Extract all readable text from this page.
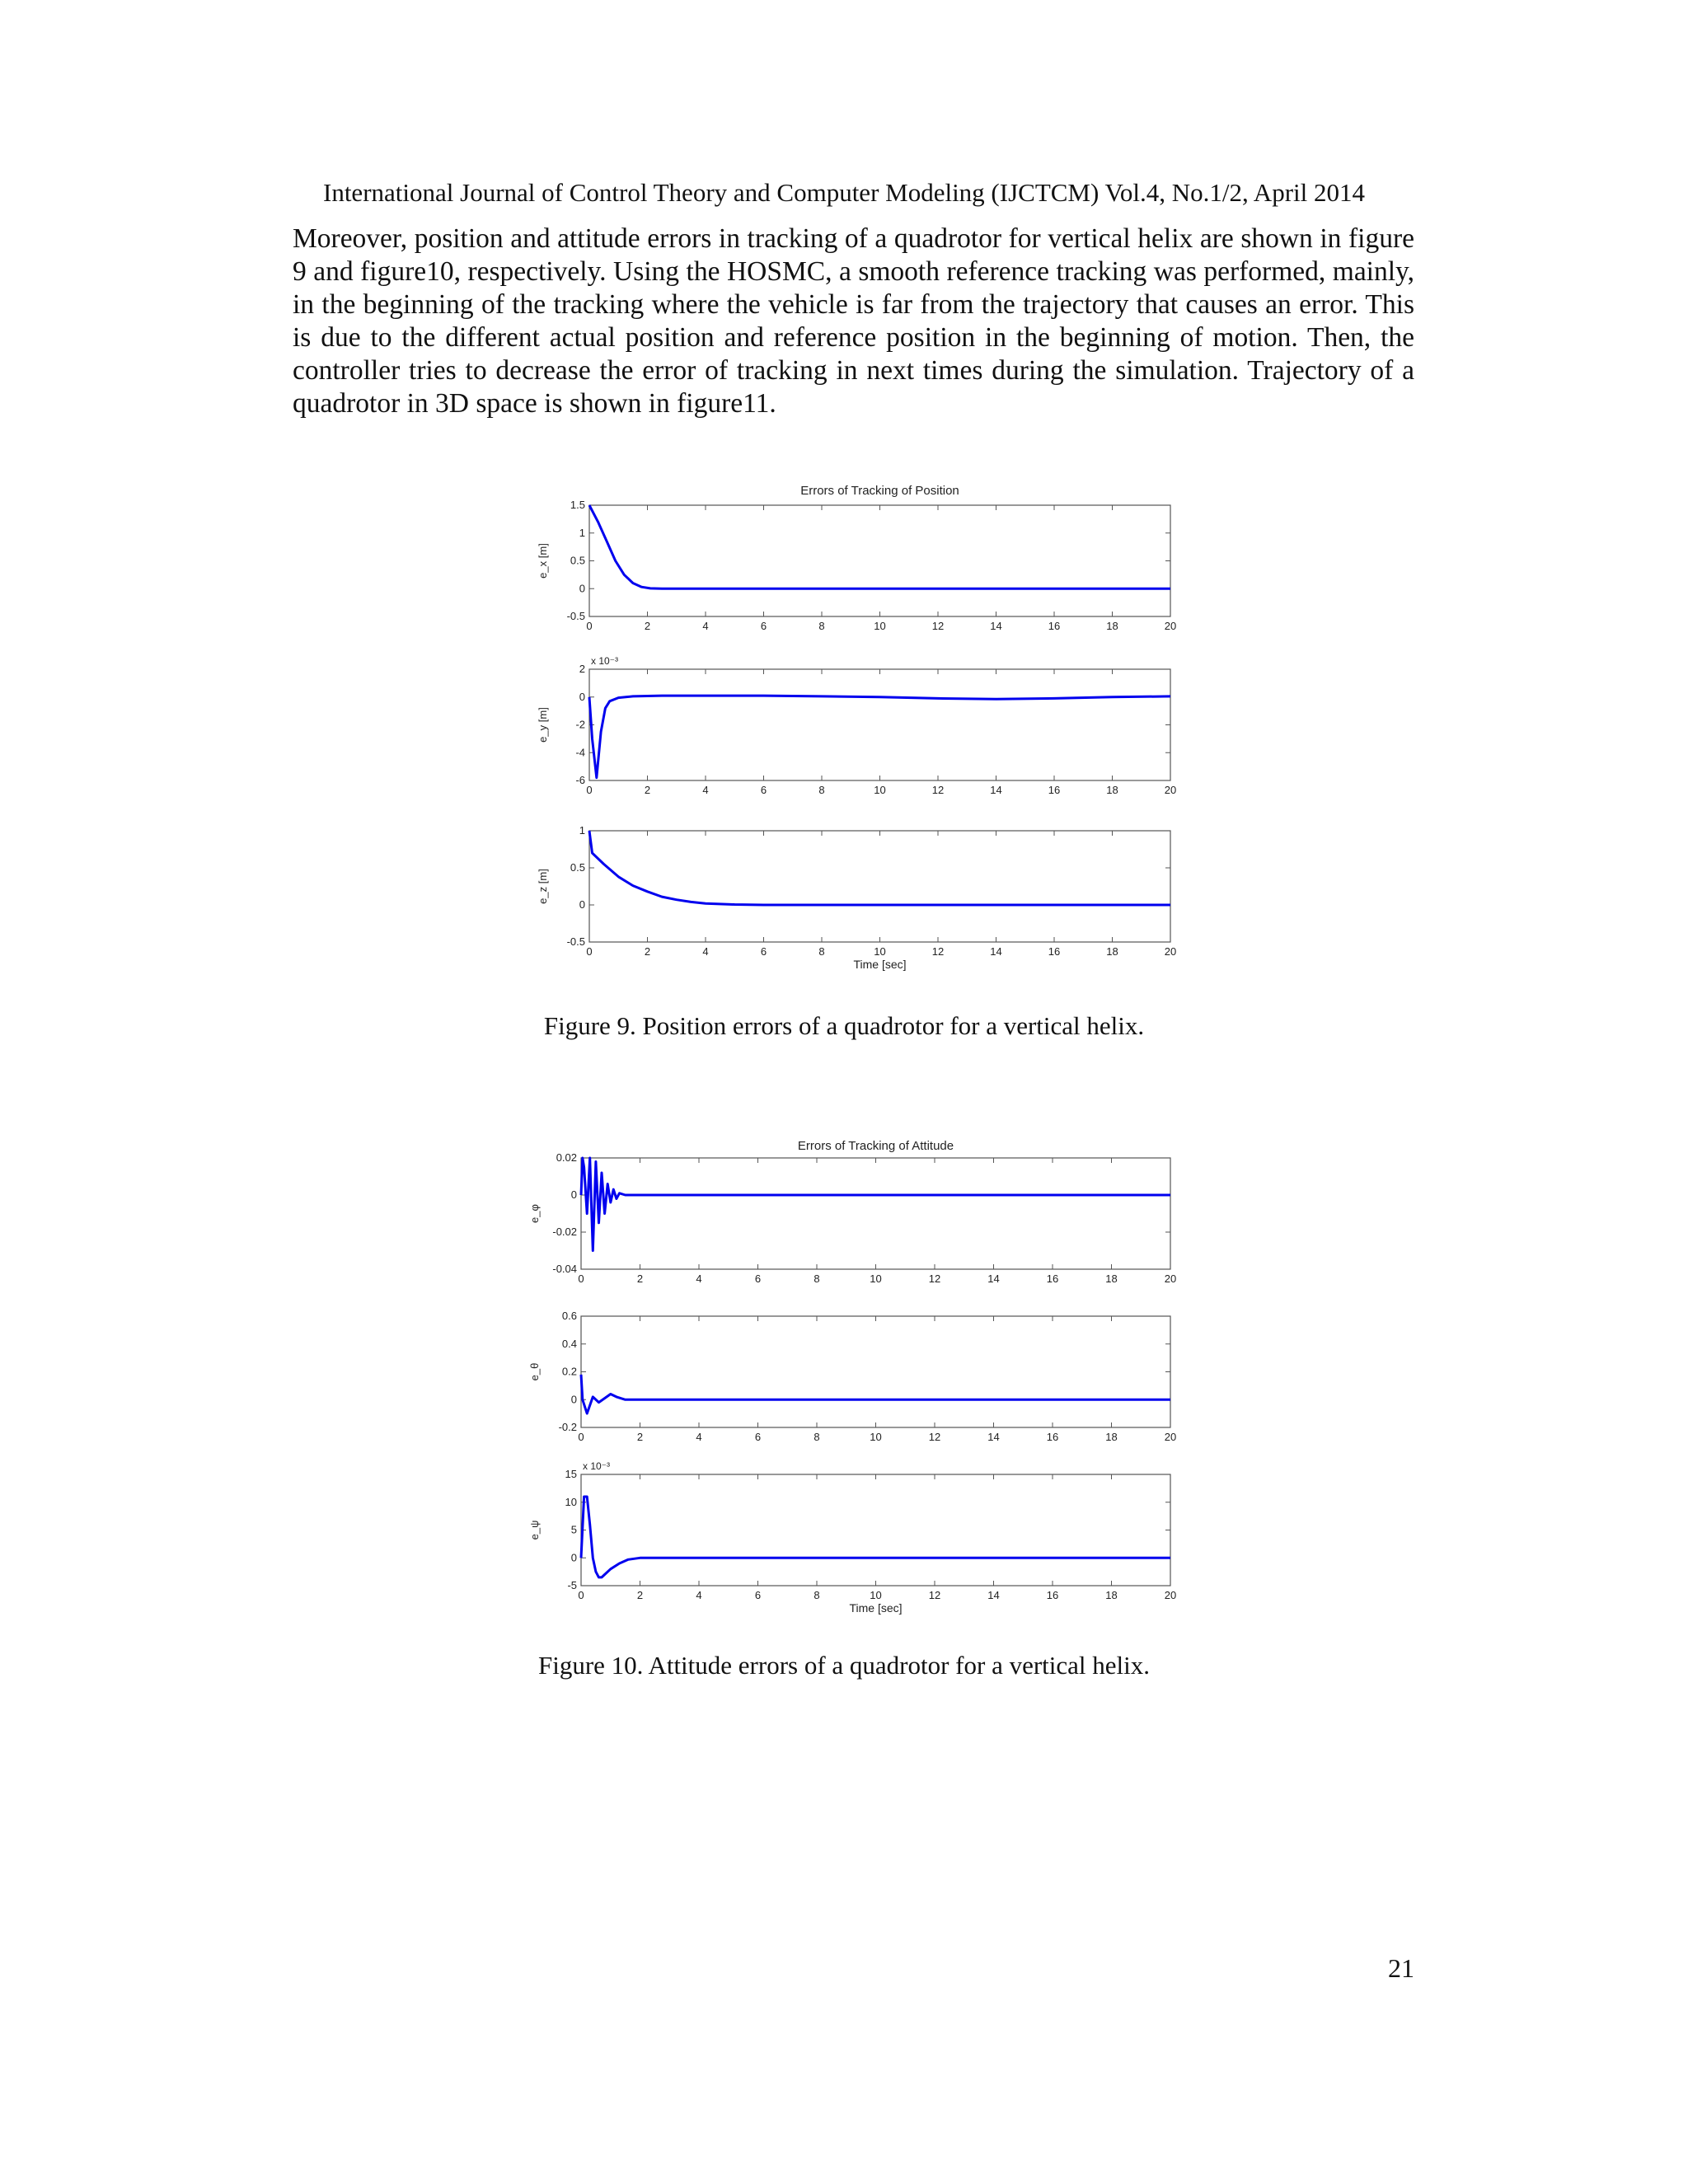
International Journal of Control Theory and Computer Modeling (IJCTCM) Vol.4, No.1/2, April 2014

Moreover, position and attitude errors in tracking of a quadrotor for vertical helix are shown in figure 9 and figure10, respectively. Using the HOSMC, a smooth reference tracking was performed, mainly, in the beginning of the tracking where the vehicle is far from the trajectory that causes an error. This is due to the different actual position and reference position in the beginning of motion. Then, the controller tries to decrease the error of tracking in next times during the simulation. Trajectory of a quadrotor in 3D space is shown in figure11.

Errors of Tracking of Position
0	2	4	6	8	10	12	14	16	18	20
1.5
1
0.5
0
-0.5
e_x [m]
0	2	4	6	8	10	12	14	16	18	20
2
0
-2
-4
-6
x 10⁻³
e_y [m]
0	2	4	6	8	10	12	14	16	18	20
1
0.5
0
-0.5
e_z [m]
Time [sec]
Figure 9. Position errors of a quadrotor for a vertical helix.
Errors of Tracking of Attitude
0	2	4	6	8	10	12	14	16	18	20
0.02
0
-0.02
-0.04
e_φ
0	2	4	6	8	10	12	14	16	18	20
0.6
0.4
0.2
0
-0.2
e_θ
0	2	4	6	8	10	12	14	16	18	20
15
10
5
0
-5
x 10⁻³
e_ψ
Time [sec]
Figure 10. Attitude errors of a quadrotor for a vertical helix.
21
